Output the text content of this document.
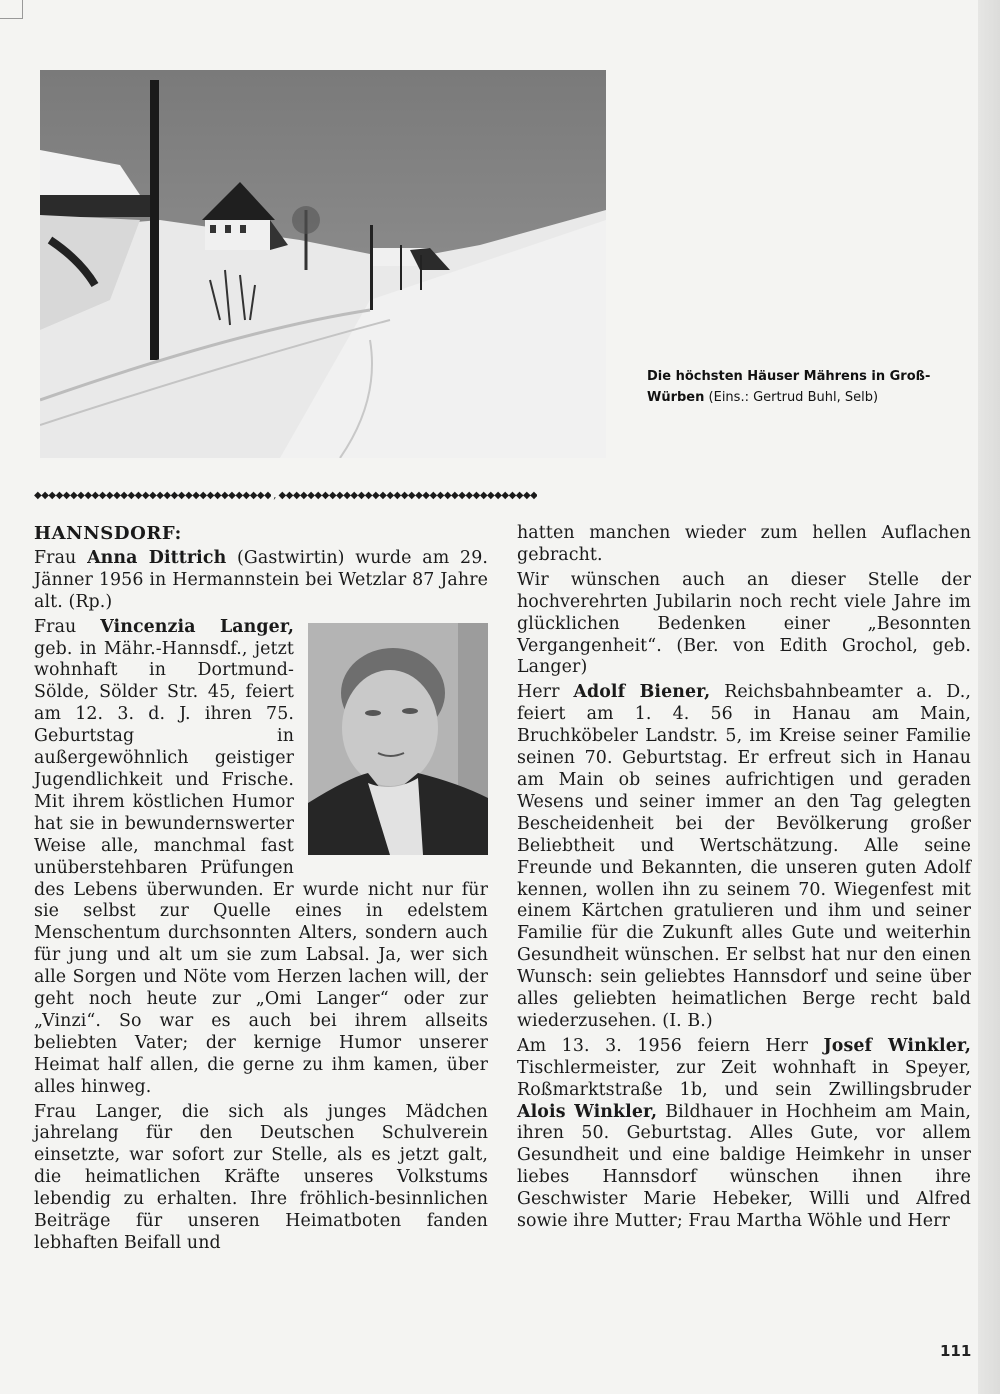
Die höchsten Häuser Mährens in Groß-Würben (Eins.: Gertrud Buhl, Selb)
◆◆◆◆◆◆◆◆◆◆◆◆◆◆◆◆◆◆◆◆◆◆◆◆◆◆◆◆◆◆◆◆◆ , ◆◆◆◆◆◆◆◆◆◆◆◆◆◆◆◆◆◆◆◆◆◆◆◆◆◆◆◆◆◆◆◆◆◆◆◆

HANNSDORF:

Frau Anna Dittrich (Gastwirtin) wurde am 29. Jänner 1956 in Hermannstein bei Wetzlar 87 Jahre alt. (Rp.)

Frau Vincenzia Langer, geb. in Mähr.-Hannsdf., jetzt wohnhaft in Dortmund-Sölde, Sölder Str. 45, feiert am 12. 3. d. J. ihren 75. Geburtstag in außergewöhnlich geistiger Jugendlichkeit und Frische. Mit ihrem köstlichen Humor hat sie in bewundernswerter Weise alle, manchmal fast unüberstehbaren Prüfungen des Lebens überwunden. Er wurde nicht nur für sie selbst zur Quelle eines in edelstem Menschentum durchsonnten Alters, sondern auch für jung und alt um sie zum Labsal. Ja, wer sich alle Sorgen und Nöte vom Herzen lachen will, der geht noch heute zur „Omi Langer“ oder zur „Vinzi“. So war es auch bei ihrem allseits beliebten Vater; der kernige Humor unserer Heimat half allen, die gerne zu ihm kamen, über alles hinweg.

Frau Langer, die sich als junges Mädchen jahrelang für den Deutschen Schulverein einsetzte, war sofort zur Stelle, als es jetzt galt, die heimatlichen Kräfte unseres Volkstums lebendig zu erhalten. Ihre fröhlich-besinnlichen Beiträge für unseren Heimatboten fanden lebhaften Beifall und

hatten manchen wieder zum hellen Auflachen gebracht.

Wir wünschen auch an dieser Stelle der hochverehrten Jubilarin noch recht viele Jahre im glücklichen Bedenken einer „Besonnten Vergangenheit“. (Ber. von Edith Grochol, geb. Langer)

Herr Adolf Biener, Reichsbahnbeamter a. D., feiert am 1. 4. 56 in Hanau am Main, Bruchköbeler Landstr. 5, im Kreise seiner Familie seinen 70. Geburtstag. Er erfreut sich in Hanau am Main ob seines aufrichtigen und geraden Wesens und seiner immer an den Tag gelegten Bescheidenheit bei der Bevölkerung großer Beliebtheit und Wertschätzung. Alle seine Freunde und Bekannten, die unseren guten Adolf kennen, wollen ihn zu seinem 70. Wiegenfest mit einem Kärtchen gratulieren und ihm und seiner Familie für die Zukunft alles Gute und weiterhin Gesundheit wünschen. Er selbst hat nur den einen Wunsch: sein geliebtes Hannsdorf und seine über alles geliebten heimatlichen Berge recht bald wiederzusehen. (I. B.)

Am 13. 3. 1956 feiern Herr Josef Winkler, Tischlermeister, zur Zeit wohnhaft in Speyer, Roßmarktstraße 1b, und sein Zwillingsbruder Alois Winkler, Bildhauer in Hochheim am Main, ihren 50. Geburtstag. Alles Gute, vor allem Gesundheit und eine baldige Heimkehr in unser liebes Hannsdorf wünschen ihnen ihre Geschwister Marie Hebeker, Willi und Alfred sowie ihre Mutter; Frau Martha Wöhle und Herr

111
